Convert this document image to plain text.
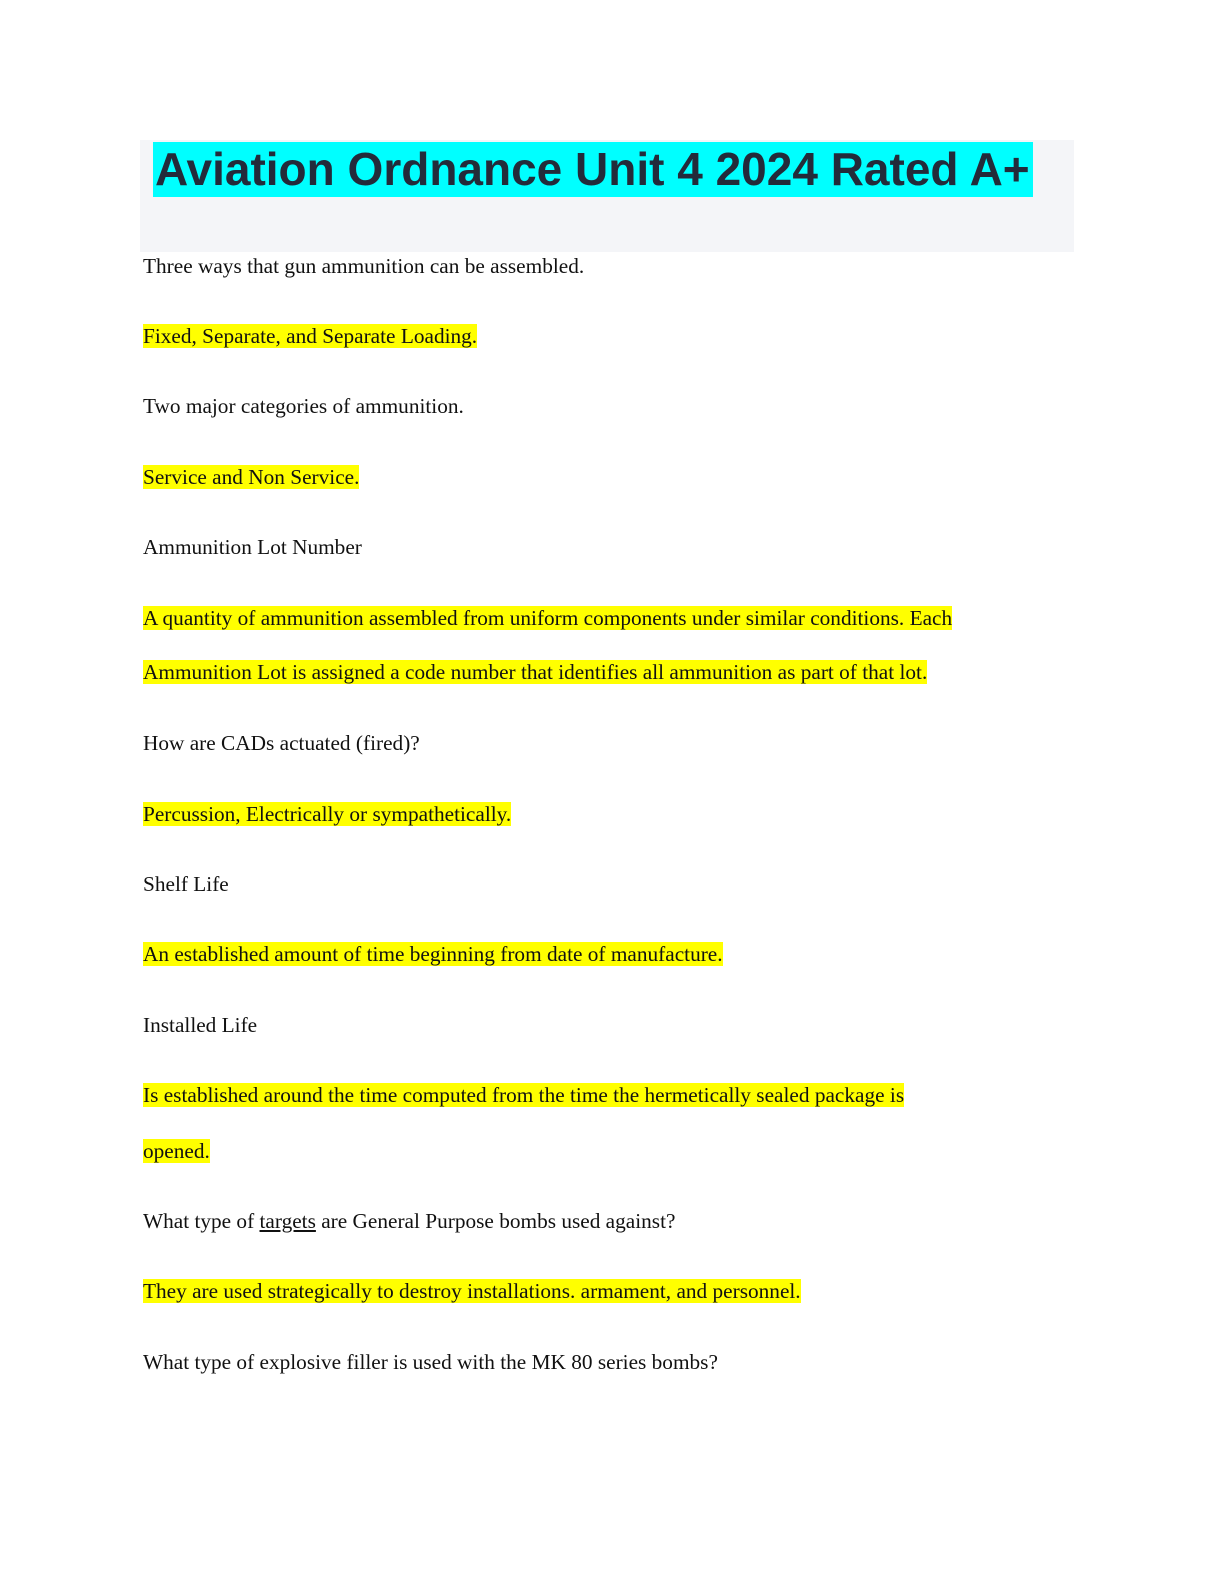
Aviation Ordnance Unit 4 2024 Rated A+
Three ways that gun ammunition can be assembled.
Fixed, Separate, and Separate Loading.
Two major categories of ammunition.
Service and Non Service.
Ammunition Lot Number
A quantity of ammunition assembled from uniform components under similar conditions. Each
Ammunition Lot is assigned a code number that identifies all ammunition as part of that lot.
How are CADs actuated (fired)?
Percussion, Electrically or sympathetically.
Shelf Life
An established amount of time beginning from date of manufacture.
Installed Life
Is established around the time computed from the time the hermetically sealed package is
opened.
What type of targets are General Purpose bombs used against?
They are used strategically to destroy installations. armament, and personnel.
What type of explosive filler is used with the MK 80 series bombs?
